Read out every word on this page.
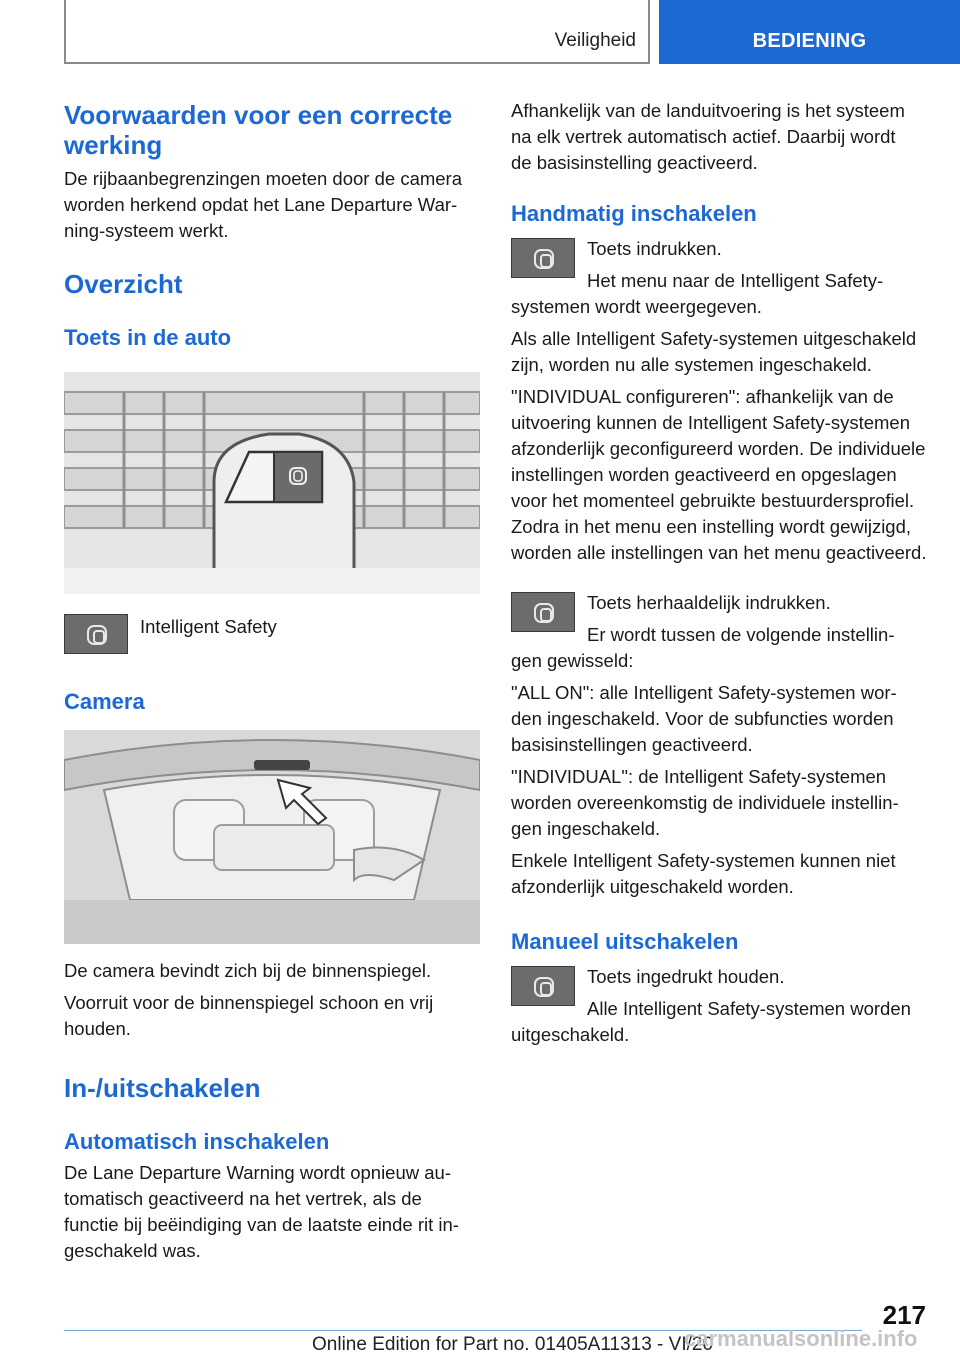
Veiligheid	BEDIENING
Voorwaarden voor een correcte werking

De rijbaanbegrenzingen moeten door de camera worden herkend opdat het Lane Departure Warning-systeem werkt.

Overzicht
Toets in de auto

Intelligent Safety

Camera

De camera bevindt zich bij de binnenspiegel.

Voorruit voor de binnenspiegel schoon en vrij houden.

In-/uitschakelen
Automatisch inschakelen

De Lane Departure Warning wordt opnieuw automatisch geactiveerd na het vertrek, als de functie bij beëindiging van de laatste einde rit ingeschakeld was.

Afhankelijk van de landuitvoering is het systeem na elk vertrek automatisch actief. Daarbij wordt de basisinstelling geactiveerd.

Handmatig inschakelen

Toets indrukken.

Het menu naar de Intelligent Safety-systemen wordt weergegeven.

Als alle Intelligent Safety-systemen uitgeschakeld zijn, worden nu alle systemen ingeschakeld.

"INDIVIDUAL configureren": afhankelijk van de uitvoering kunnen de Intelligent Safety-systemen afzonderlijk geconfigureerd worden. De individuele instellingen worden geactiveerd en opgeslagen voor het momenteel gebruikte bestuurdersprofiel. Zodra in het menu een instelling wordt gewijzigd, worden alle instellingen van het menu geactiveerd.

Toets herhaaldelijk indrukken.

Er wordt tussen de volgende instellingen gewisseld:

"ALL ON": alle Intelligent Safety-systemen worden ingeschakeld. Voor de subfuncties worden basisinstellingen geactiveerd.

"INDIVIDUAL": de Intelligent Safety-systemen worden overeenkomstig de individuele instellingen ingeschakeld.

Enkele Intelligent Safety-systemen kunnen niet afzonderlijk uitgeschakeld worden.

Manueel uitschakelen

Toets ingedrukt houden.

Alle Intelligent Safety-systemen worden uitgeschakeld.

217
Online Edition for Part no. 01405A11313 - VI/20
carmanualsonline.info
